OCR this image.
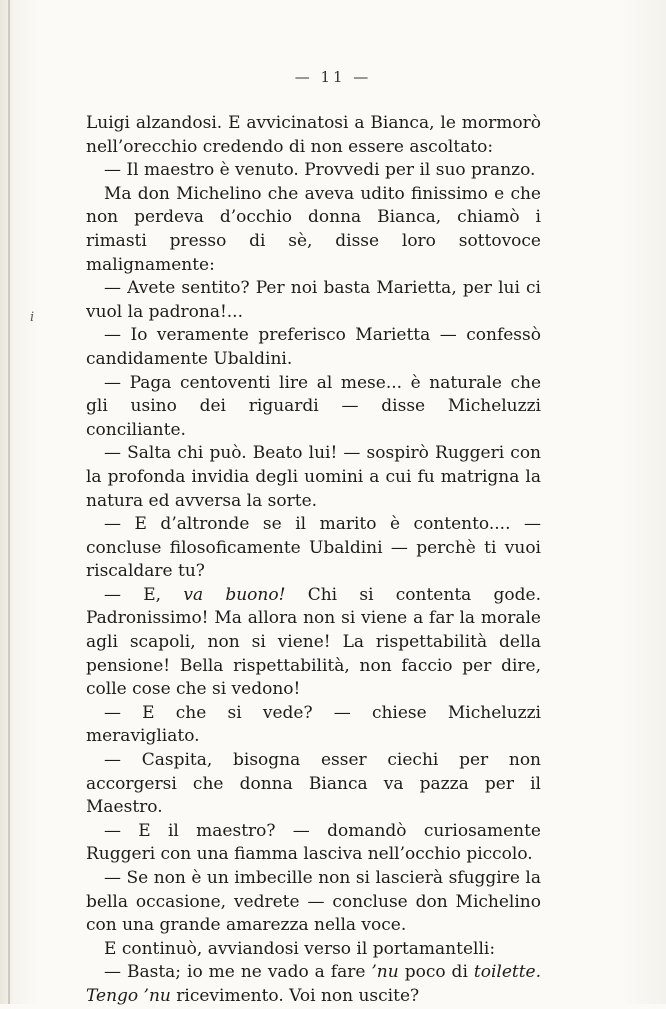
— 11 —
i

Luigi alzandosi. E avvicinatosi a Bianca, le mormorò nell’orecchio credendo di non essere ascoltato:

— Il maestro è venuto. Provvedi per il suo pranzo.

Ma don Michelino che aveva udito finissimo e che non perdeva d’occhio donna Bianca, chiamò i rimasti presso di sè, disse loro sottovoce malignamente:

— Avete sentito? Per noi basta Marietta, per lui ci vuol la padrona!...

— Io veramente preferisco Marietta — confessò candidamente Ubaldini.

— Paga centoventi lire al mese... è naturale che gli usino dei riguardi — disse Micheluzzi conciliante.

— Salta chi può. Beato lui! — sospirò Ruggeri con la profonda invidia degli uomini a cui fu matrigna la natura ed avversa la sorte.

— E d’altronde se il marito è contento.... — concluse filosoficamente Ubaldini — perchè ti vuoi riscaldare tu?

— E, va buono! Chi si contenta gode. Padronissimo! Ma allora non si viene a far la morale agli scapoli, non si viene! La rispettabilità della pensione! Bella rispettabilità, non faccio per dire, colle cose che si vedono!

— E che si vede? — chiese Micheluzzi meravigliato.

— Caspita, bisogna esser ciechi per non accorgersi che donna Bianca va pazza per il Maestro.

— E il maestro? — domandò curiosamente Ruggeri con una fiamma lasciva nell’occhio piccolo.

— Se non è un imbecille non si lascierà sfuggire la bella occasione, vedrete — concluse don Michelino con una grande amarezza nella voce.

E continuò, avviandosi verso il portamantelli:

— Basta; io me ne vado a fare ’nu poco di toilette. Tengo ’nu ricevimento. Voi non uscite?
